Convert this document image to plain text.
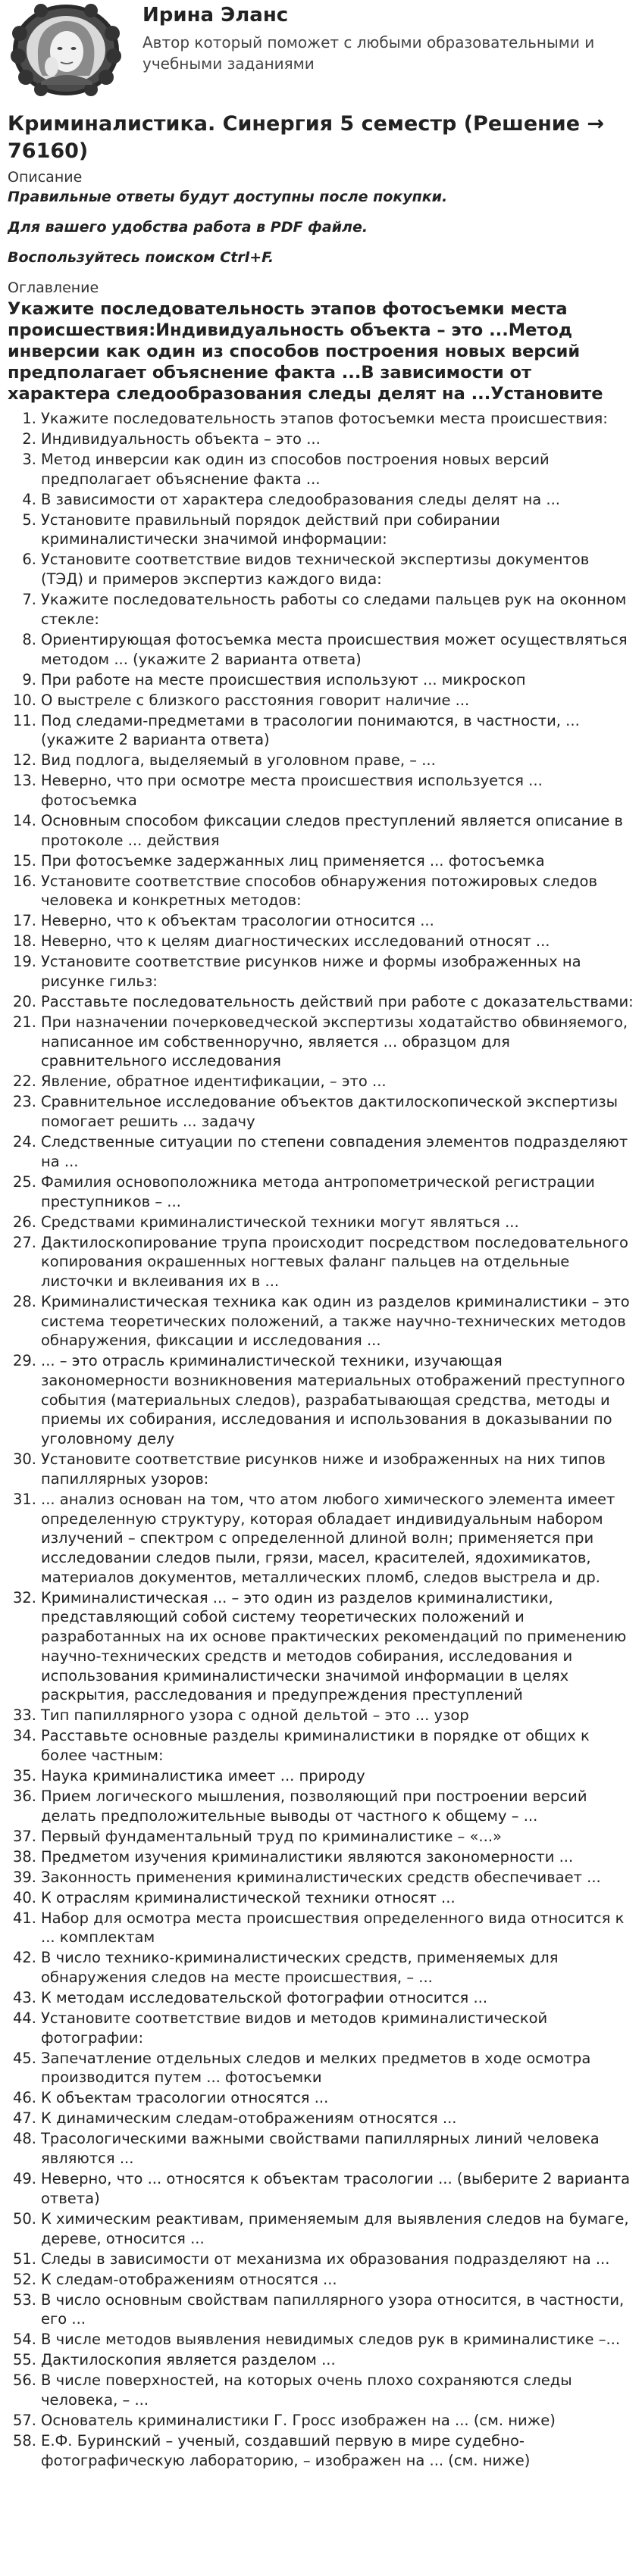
Ирина Эланс

Автор который поможет с любыми образовательными и учебными заданиями

Криминалистика. Синергия 5 семестр (Решение → 76160)
Описание
Правильные ответы будут доступны после покупки.
Для вашего удобства работа в PDF файле.
Воспользуйтесь поиском Ctrl+F.
Оглавление
Укажите последовательность этапов фотосъемки места происшествия:Индивидуальность объекта – это ...Метод инверсии как один из способов построения новых версий предполагает объяснение факта ...В зависимости от характера следообразования следы делят на ...Установите
1. Укажите последовательность этапов фотосъемки места происшествия:
2. Индивидуальность объекта – это ...
3. Метод инверсии как один из способов построения новых версий предполагает объяснение факта ...
4. В зависимости от характера следообразования следы делят на ...
5. Установите правильный порядок действий при собирании криминалистически значимой информации:
6. Установите соответствие видов технической экспертизы документов (ТЭД) и примеров экспертиз каждого вида:
7. Укажите последовательность работы со следами пальцев рук на оконном стекле:
8. Ориентирующая фотосъемка места происшествия может осуществляться методом ... (укажите 2 варианта ответа)
9. При работе на месте происшествия используют ... микроскоп
10. О выстреле с близкого расстояния говорит наличие ...
11. Под следами-предметами в трасологии понимаются, в частности, ... (укажите 2 варианта ответа)
12. Вид подлога, выделяемый в уголовном праве, – ...
13. Неверно, что при осмотре места происшествия используется ... фотосъемка
14. Основным способом фиксации следов преступлений является описание в протоколе ... действия
15. При фотосъемке задержанных лиц применяется ... фотосъемка
16. Установите соответствие способов обнаружения потожировых следов человека и конкретных методов:
17. Неверно, что к объектам трасологии относится ...
18. Неверно, что к целям диагностических исследований относят ...
19. Установите соответствие рисунков ниже и формы изображенных на рисунке гильз:
20. Расставьте последовательность действий при работе с доказательствами:
21. При назначении почерковедческой экспертизы ходатайство обвиняемого, написанное им собственноручно, является ... образцом для сравнительного исследования
22. Явление, обратное идентификации, – это ...
23. Сравнительное исследование объектов дактилоскопической экспертизы помогает решить ... задачу
24. Следственные ситуации по степени совпадения элементов подразделяют на ...
25. Фамилия основоположника метода антропометрической регистрации преступников – ...
26. Средствами криминалистической техники могут являться ...
27. Дактилоскопирование трупа происходит посредством последовательного копирования окрашенных ногтевых фаланг пальцев на отдельные листочки и вклеивания их в ...
28. Криминалистическая техника как один из разделов криминалистики – это система теоретических положений, а также научно-технических методов обнаружения, фиксации и исследования ...
29. ... – это отрасль криминалистической техники, изучающая закономерности возникновения материальных отображений преступного события (материальных следов), разрабатывающая средства, методы и приемы их собирания, исследования и использования в доказывании по уголовному делу
30. Установите соответствие рисунков ниже и изображенных на них типов папиллярных узоров:
31. ... анализ основан на том, что атом любого химического элемента имеет определенную структуру, которая обладает индивидуальным набором излучений – спектром с определенной длиной волн; применяется при исследовании следов пыли, грязи, масел, красителей, ядохимикатов, материалов документов, металлических пломб, следов выстрела и др.
32. Криминалистическая ... – это один из разделов криминалистики, представляющий собой систему теоретических положений и разработанных на их основе практических рекомендаций по применению научно-технических средств и методов собирания, исследования и использования криминалистически значимой информации в целях раскрытия, расследования и предупреждения преступлений
33. Тип папиллярного узора с одной дельтой – это ... узор
34. Расставьте основные разделы криминалистики в порядке от общих к более частным:
35. Наука криминалистика имеет ... природу
36. Прием логического мышления, позволяющий при построении версий делать предположительные выводы от частного к общему – ...
37. Первый фундаментальный труд по криминалистике – «...»
38. Предметом изучения криминалистики являются закономерности ...
39. Законность применения криминалистических средств обеспечивает ...
40. К отраслям криминалистической техники относят ...
41. Набор для осмотра места происшествия определенного вида относится к ... комплектам
42. В число технико-криминалистических средств, применяемых для обнаружения следов на месте происшествия, – ...
43. К методам исследовательской фотографии относится ...
44. Установите соответствие видов и методов криминалистической фотографии:
45. Запечатление отдельных следов и мелких предметов в ходе осмотра производится путем ... фотосъемки
46. К объектам трасологии относятся ...
47. К динамическим следам-отображениям относятся ...
48. Трасологическими важными свойствами папиллярных линий человека являются ...
49. Неверно, что ... относятся к объектам трасологии ... (выберите 2 варианта ответа)
50. К химическим реактивам, применяемым для выявления следов на бумаге, дереве, относится ...
51. Следы в зависимости от механизма их образования подразделяют на ...
52. К следам-отображениям относятся ...
53. В число основным свойствам папиллярного узора относится, в частности, его ...
54. В числе методов выявления невидимых следов рук в криминалистике –...
55. Дактилоскопия является разделом ...
56. В числе поверхностей, на которых очень плохо сохраняются следы человека, – ...
57. Основатель криминалистики Г. Гросс изображен на ... (см. ниже)
58. Е.Ф. Буринский – ученый, создавший первую в мире судебно-фотографическую лабораторию, – изображен на ... (см. ниже)
